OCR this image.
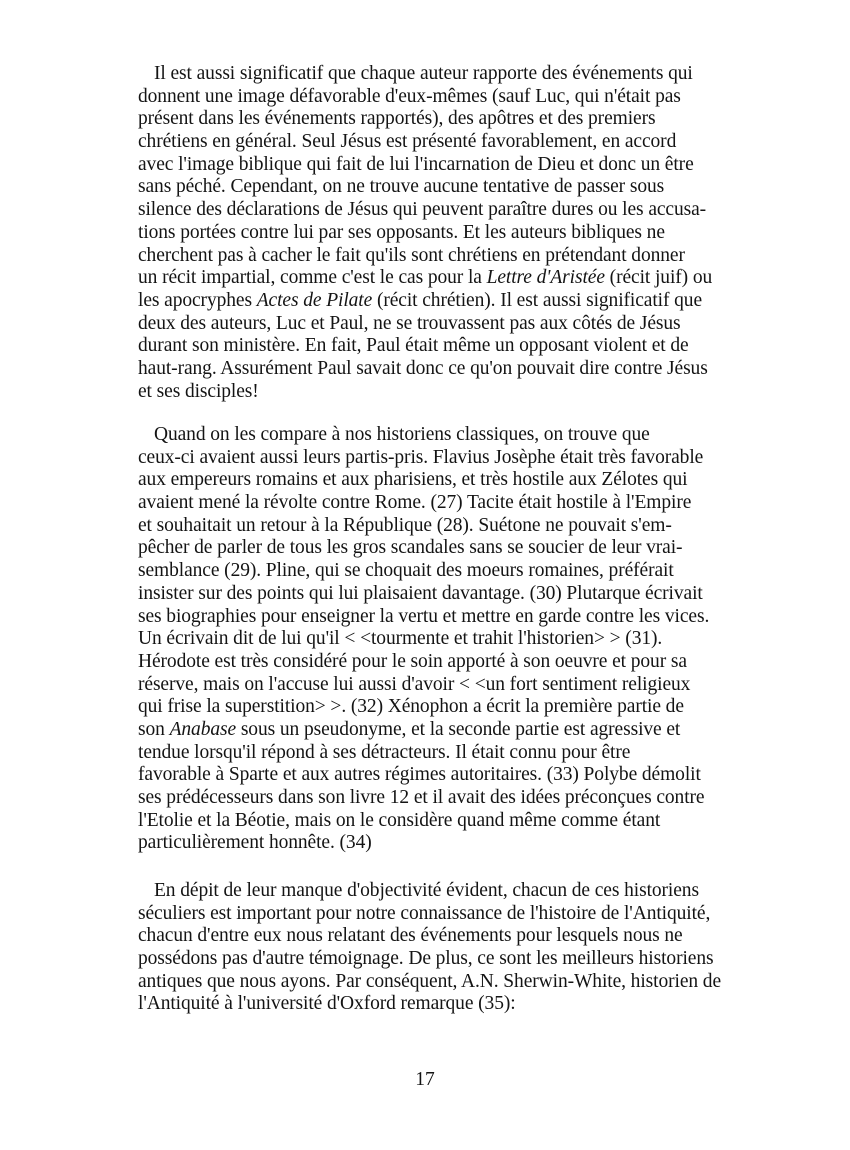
Il est aussi significatif que chaque auteur rapporte des événements qui
donnent une image défavorable d'eux-mêmes (sauf Luc, qui n'était pas
présent dans les événements rapportés), des apôtres et des premiers
chrétiens en général. Seul Jésus est présenté favorablement, en accord
avec l'image biblique qui fait de lui l'incarnation de Dieu et donc un être
sans péché. Cependant, on ne trouve aucune tentative de passer sous
silence des déclarations de Jésus qui peuvent paraître dures ou les accusa-
tions portées contre lui par ses opposants. Et les auteurs bibliques ne
cherchent pas à cacher le fait qu'ils sont chrétiens en prétendant donner
un récit impartial, comme c'est le cas pour la Lettre d'Aristée (récit juif) ou
les apocryphes Actes de Pilate (récit chrétien). Il est aussi significatif que
deux des auteurs, Luc et Paul, ne se trouvassent pas aux côtés de Jésus
durant son ministère. En fait, Paul était même un opposant violent et de
haut-rang. Assurément Paul savait donc ce qu'on pouvait dire contre Jésus
et ses disciples!
Quand on les compare à nos historiens classiques, on trouve que
ceux-ci avaient aussi leurs partis-pris. Flavius Josèphe était très favorable
aux empereurs romains et aux pharisiens, et très hostile aux Zélotes qui
avaient mené la révolte contre Rome. (27) Tacite était hostile à l'Empire
et souhaitait un retour à la République (28). Suétone ne pouvait s'em-
pêcher de parler de tous les gros scandales sans se soucier de leur vrai-
semblance (29). Pline, qui se choquait des moeurs romaines, préférait
insister sur des points qui lui plaisaient davantage. (30) Plutarque écrivait
ses biographies pour enseigner la vertu et mettre en garde contre les vices.
Un écrivain dit de lui qu'il < <tourmente et trahit l'historien> > (31).
Hérodote est très considéré pour le soin apporté à son oeuvre et pour sa
réserve, mais on l'accuse lui aussi d'avoir < <un fort sentiment religieux
qui frise la superstition> >. (32) Xénophon a écrit la première partie de
son Anabase sous un pseudonyme, et la seconde partie est agressive et
tendue lorsqu'il répond à ses détracteurs. Il était connu pour être
favorable à Sparte et aux autres régimes autoritaires. (33) Polybe démolit
ses prédécesseurs dans son livre 12 et il avait des idées préconçues contre
l'Etolie et la Béotie, mais on le considère quand même comme étant
particulièrement honnête. (34)
En dépit de leur manque d'objectivité évident, chacun de ces historiens
séculiers est important pour notre connaissance de l'histoire de l'Antiquité,
chacun d'entre eux nous relatant des événements pour lesquels nous ne
possédons pas d'autre témoignage. De plus, ce sont les meilleurs historiens
antiques que nous ayons. Par conséquent, A.N. Sherwin-White, historien de
l'Antiquité à l'université d'Oxford remarque (35):
17
